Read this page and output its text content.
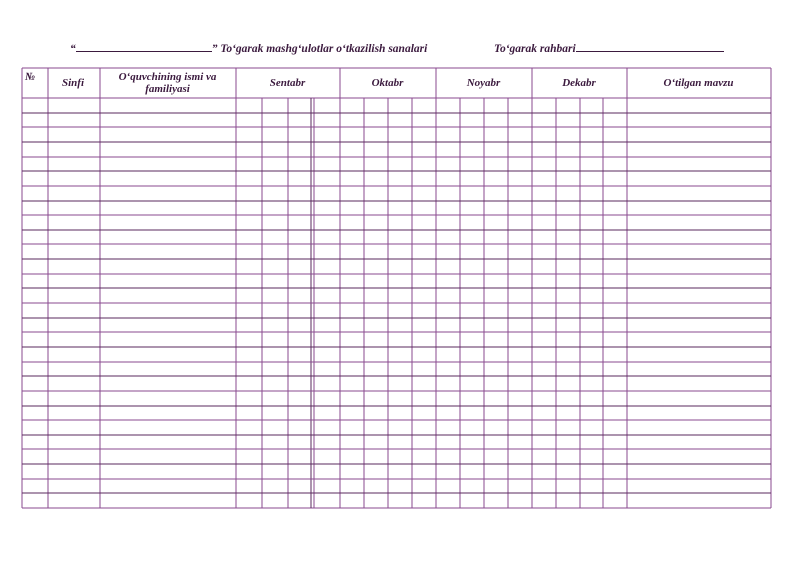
“	” To‘garak mashg‘ulotlar o‘tkazilish sanalari	To‘garak rahbari
№	Sinfi	O‘quvchining ismi va familiyasi	Sentabr	Oktabr	Noyabr	Dekabr	O‘tilgan mavzu
